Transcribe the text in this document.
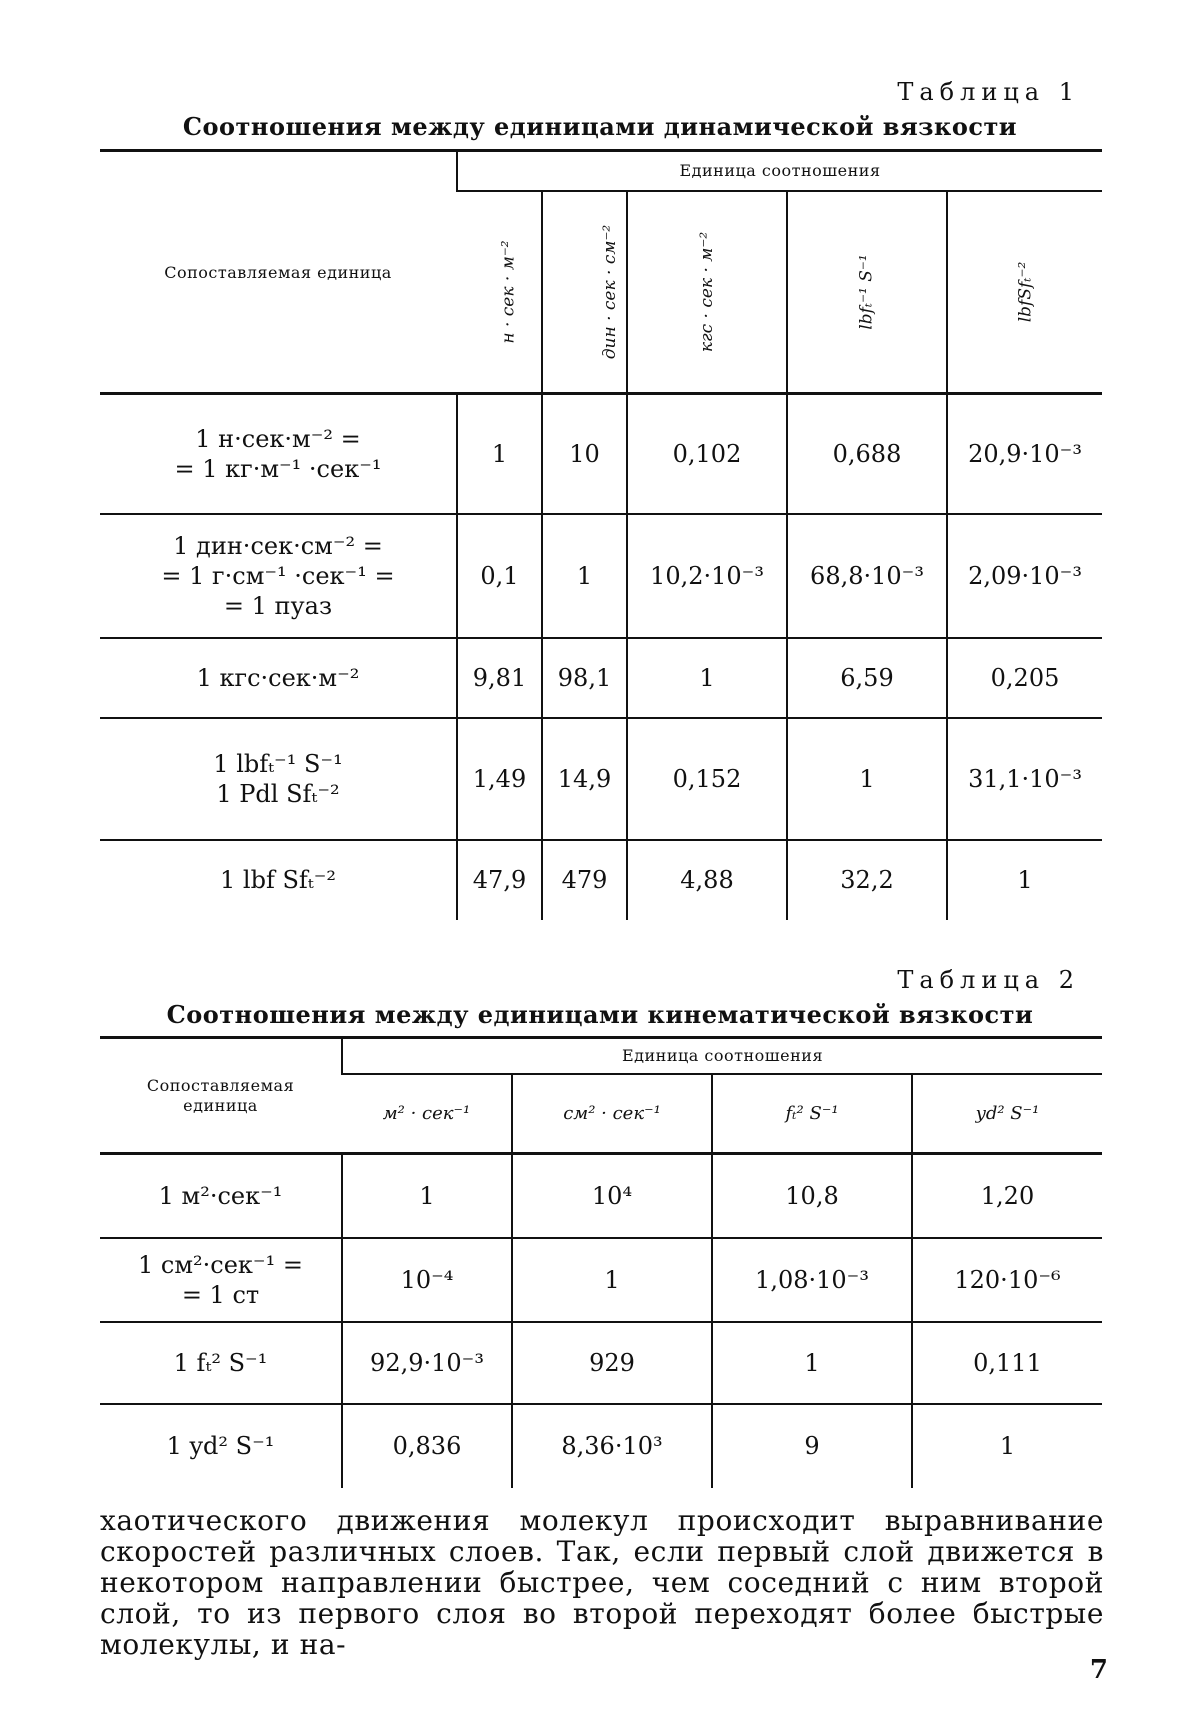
Таблица 1
Соотношения между единицами динамической вязкости
Сопоставляемая единица	Единица соотношения				
	н · сек · м⁻²	дин · сек · см⁻²	кгс · сек · м⁻²	lbfₜ⁻¹ S⁻¹	lbfSfₜ⁻²

1 н·сек·м⁻² =
= 1 кг·м⁻¹ ·сек⁻¹	1	10	0,102	0,688	20,9·10⁻³

1 дин·сек·см⁻² =
= 1 г·см⁻¹ ·сек⁻¹ =
= 1 пуаз	0,1	1	10,2·10⁻³	68,8·10⁻³	2,09·10⁻³

1 кгс·сек·м⁻²	9,81	98,1	1	6,59	0,205

1 lbfₜ⁻¹ S⁻¹
1 Pdl Sfₜ⁻²	1,49	14,9	0,152	1	31,1·10⁻³

1 lbf Sfₜ⁻²	47,9	479	4,88	32,2	1
Таблица 2
Соотношения между единицами кинематической вязкости
Сопоставляемая единица	Единица соотношения			
	м² · сек⁻¹	см² · сек⁻¹	fₜ² S⁻¹	yd² S⁻¹

1 м²·сек⁻¹	1	10⁴	10,8	1,20

1 см²·сек⁻¹ =
= 1 ст	10⁻⁴	1	1,08·10⁻³	120·10⁻⁶

1 fₜ² S⁻¹	92,9·10⁻³	929	1	0,111

1 yd² S⁻¹	0,836	8,36·10³	9	1
хаотического движения молекул происходит выравнивание скоростей различных слоев. Так, если первый слой движется в некотором направлении быстрее, чем соседний с ним второй слой, то из первого слоя во второй переходят более быстрые молекулы, и на-
7
